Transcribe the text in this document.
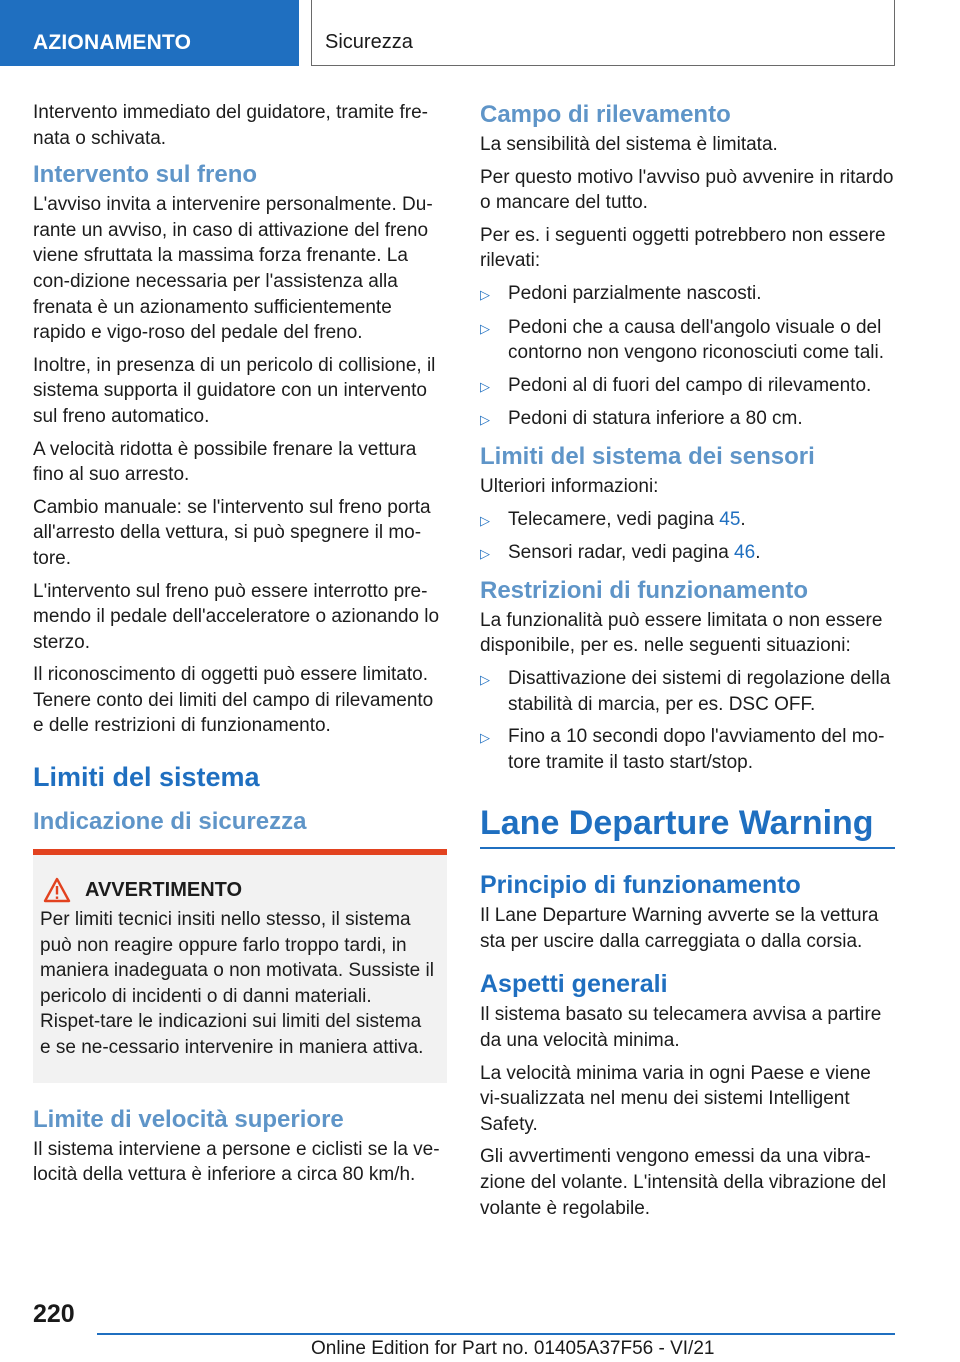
AZIONAMENTO	Sicurezza

Intervento immediato del guidatore, tramite fre-nata o schivata.

Intervento sul freno

L'avviso invita a intervenire personalmente. Du-rante un avviso, in caso di attivazione del freno viene sfruttata la massima forza frenante. La con-dizione necessaria per l'assistenza alla frenata è un azionamento sufficientemente rapido e vigo-roso del pedale del freno.

Inoltre, in presenza di un pericolo di collisione, il sistema supporta il guidatore con un intervento sul freno automatico.

A velocità ridotta è possibile frenare la vettura fino al suo arresto.

Cambio manuale: se l'intervento sul freno porta all'arresto della vettura, si può spegnere il mo-tore.

L'intervento sul freno può essere interrotto pre-mendo il pedale dell'acceleratore o azionando lo sterzo.

Il riconoscimento di oggetti può essere limitato. Tenere conto dei limiti del campo di rilevamento e delle restrizioni di funzionamento.

Limiti del sistema
Indicazione di sicurezza
AVVERTIMENTO

Per limiti tecnici insiti nello stesso, il sistema può non reagire oppure farlo troppo tardi, in maniera inadeguata o non motivata. Sussiste il pericolo di incidenti o di danni materiali. Rispet-tare le indicazioni sui limiti del sistema e se ne-cessario intervenire in maniera attiva.

Limite di velocità superiore

Il sistema interviene a persone e ciclisti se la ve-locità della vettura è inferiore a circa 80 km/h.

Campo di rilevamento

La sensibilità del sistema è limitata.

Per questo motivo l'avviso può avvenire in ritardo o mancare del tutto.

Per es. i seguenti oggetti potrebbero non essere rilevati:

▷ Pedoni parzialmente nascosti.
▷ Pedoni che a causa dell'angolo visuale o del contorno non vengono riconosciuti come tali.
▷ Pedoni al di fuori del campo di rilevamento.
▷ Pedoni di statura inferiore a 80 cm.
Limiti del sistema dei sensori

Ulteriori informazioni:

▷ Telecamere, vedi pagina 45.
▷ Sensori radar, vedi pagina 46.
Restrizioni di funzionamento

La funzionalità può essere limitata o non essere disponibile, per es. nelle seguenti situazioni:

▷ Disattivazione dei sistemi di regolazione della stabilità di marcia, per es. DSC OFF.
▷ Fino a 10 secondi dopo l'avviamento del mo-tore tramite il tasto start/stop.
Lane Departure Warning
Principio di funzionamento

Il Lane Departure Warning avverte se la vettura sta per uscire dalla carreggiata o dalla corsia.

Aspetti generali

Il sistema basato su telecamera avvisa a partire da una velocità minima.

La velocità minima varia in ogni Paese e viene vi-sualizzata nel menu dei sistemi Intelligent Safety.

Gli avvertimenti vengono emessi da una vibra-zione del volante. L'intensità della vibrazione del volante è regolabile.

220
Online Edition for Part no. 01405A37F56 - VI/21
